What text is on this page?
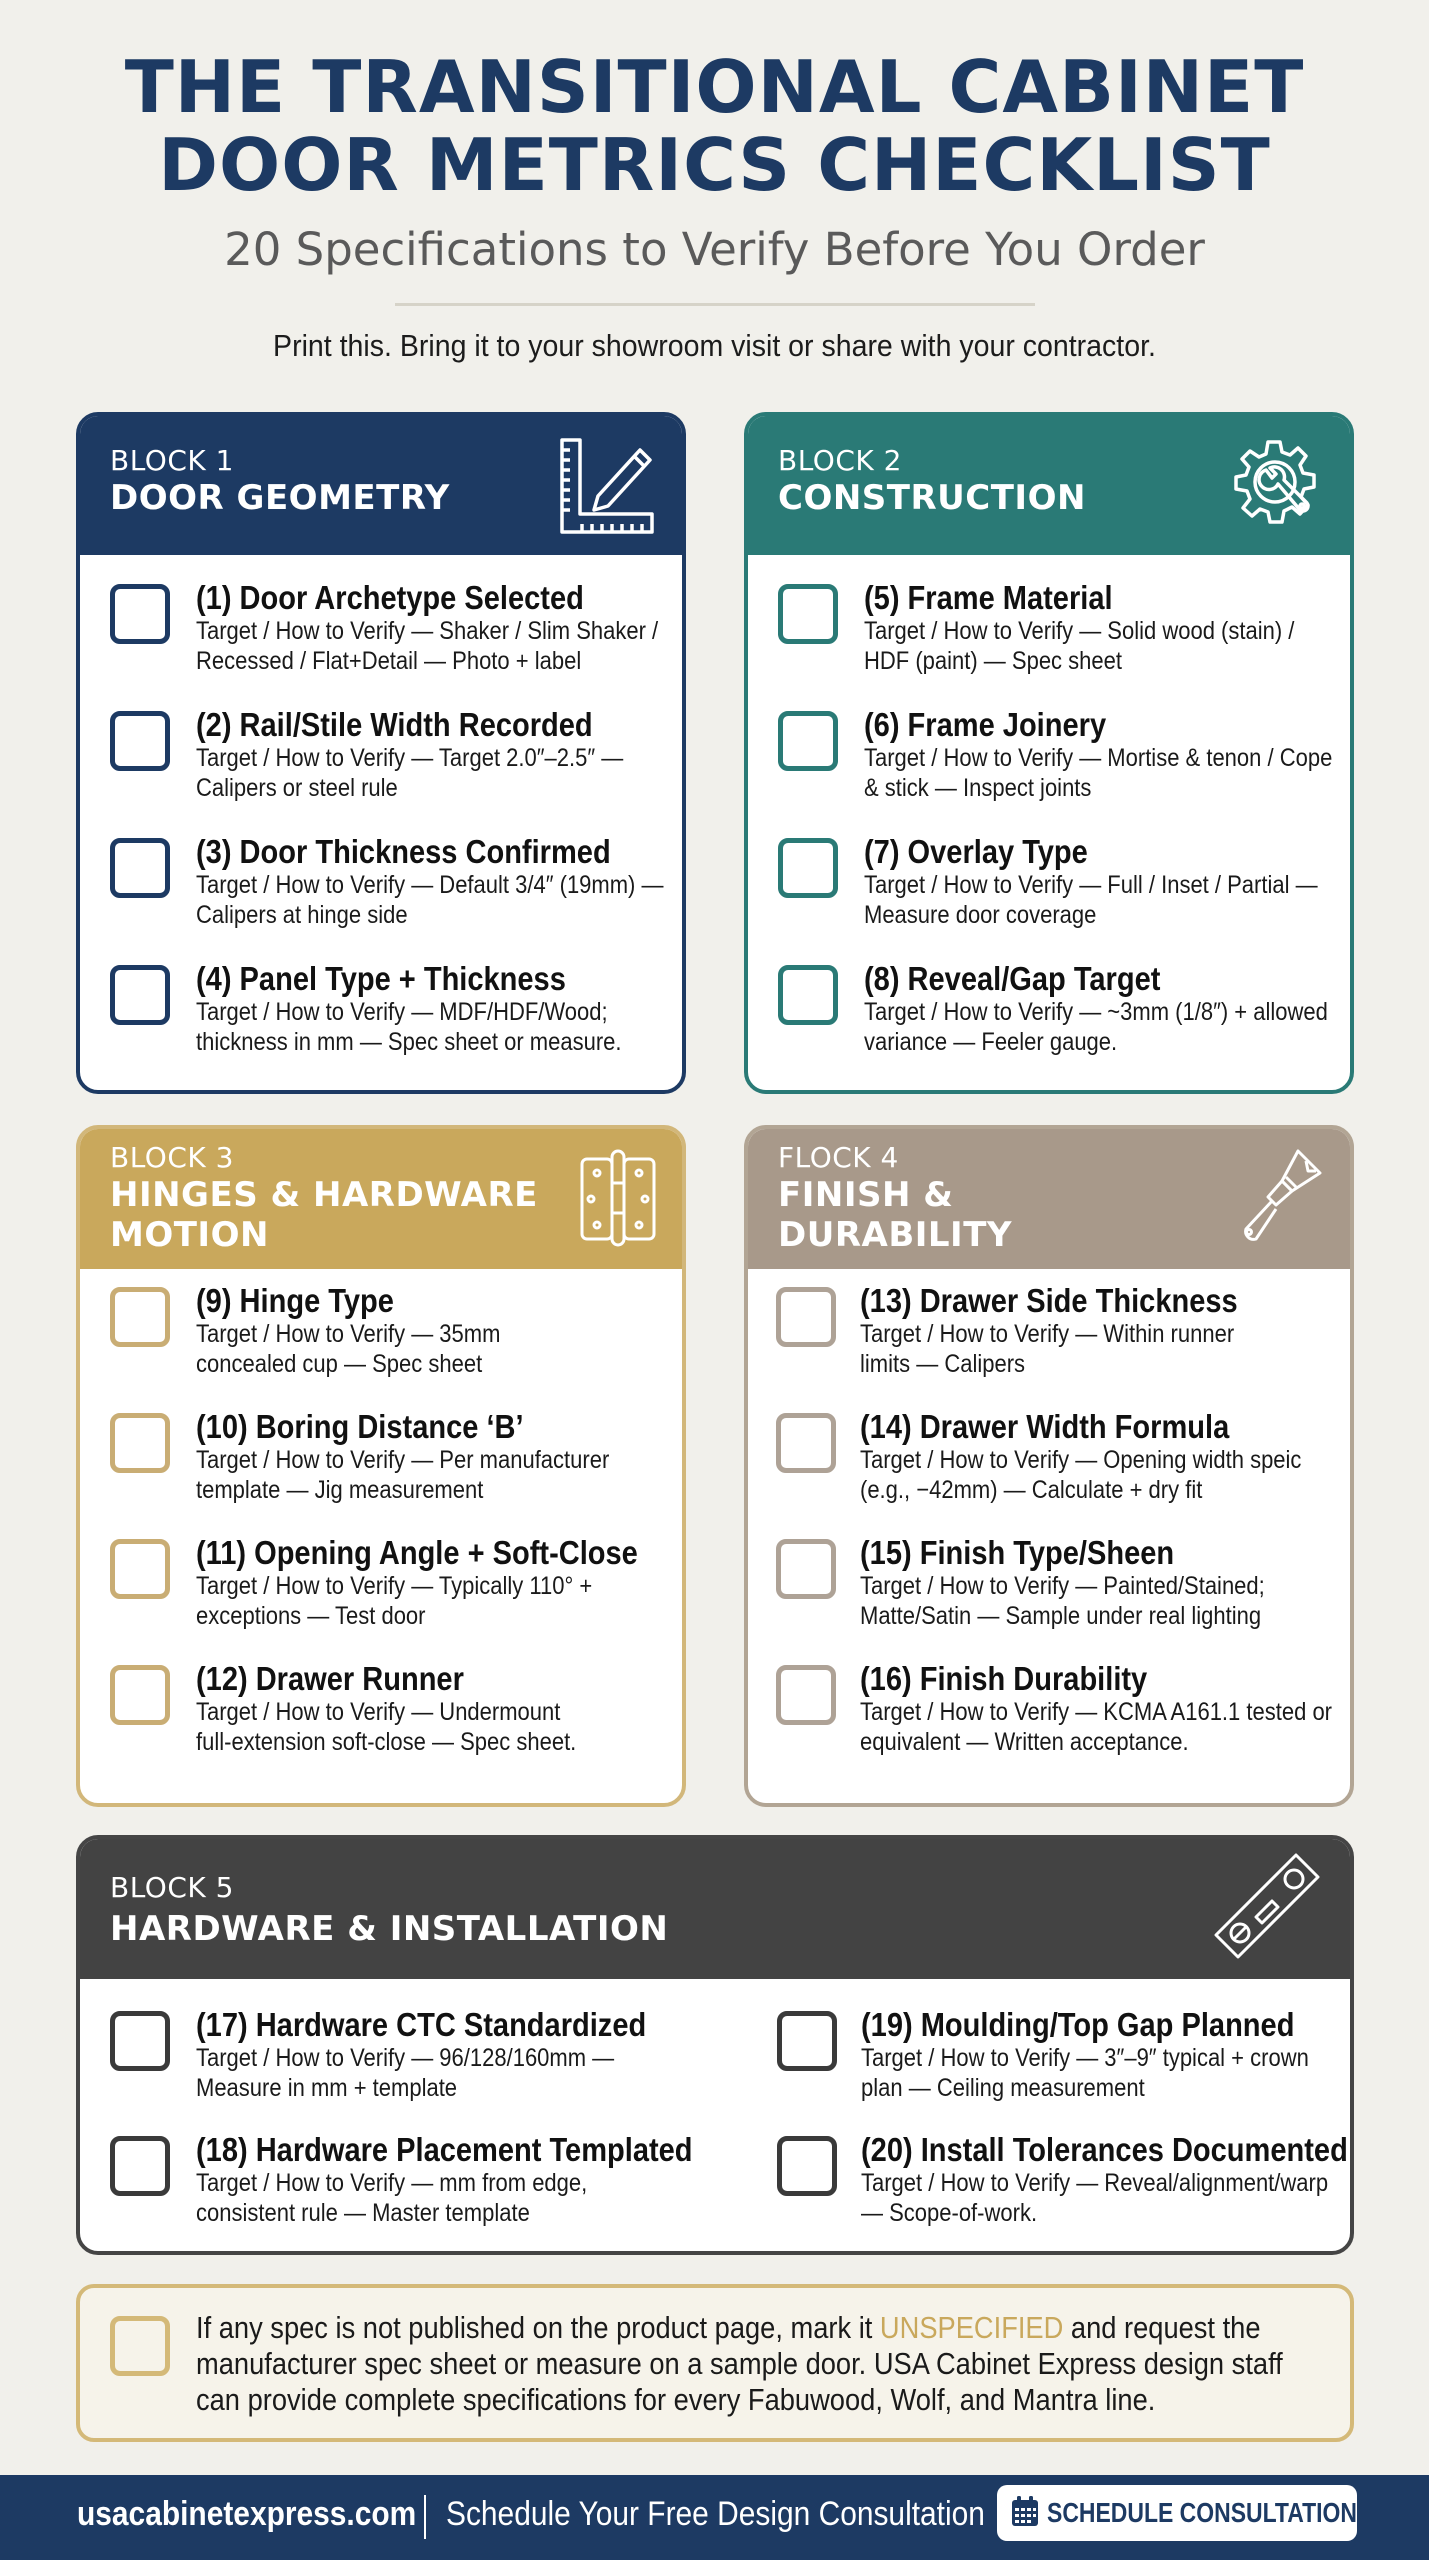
THE TRANSITIONAL CABINET
DOOR METRICS CHECKLIST
20 Specifications to Verify Before You Order
Print this. Bring it to your showroom visit or share with your contractor.
BLOCK 1
DOOR GEOMETRY
(1) Door Archetype Selected
Target / How to Verify — Shaker / Slim Shaker / Recessed / Flat+Detail — Photo + label
(2) Rail/Stile Width Recorded
Target / How to Verify — Target 2.0″–2.5″ — Calipers or steel rule
(3) Door Thickness Confirmed
Target / How to Verify — Default 3/4″ (19mm) — Calipers at hinge side
(4) Panel Type + Thickness
Target / How to Verify — MDF/HDF/Wood; thickness in mm — Spec sheet or measure.
BLOCK 2
CONSTRUCTION
(5) Frame Material
Target / How to Verify — Solid wood (stain) / HDF (paint) — Spec sheet
(6) Frame Joinery
Target / How to Verify — Mortise & tenon / Cope & stick — Inspect joints
(7) Overlay Type
Target / How to Verify — Full / Inset / Partial — Measure door coverage
(8) Reveal/Gap Target
Target / How to Verify — ~3mm (1/8″) + allowed variance — Feeler gauge.
BLOCK 3
HINGES & HARDWARE
MOTION
(9) Hinge Type
Target / How to Verify — 35mm concealed cup — Spec sheet
(10) Boring Distance ‘B’
Target / How to Verify — Per manufacturer template — Jig measurement
(11) Opening Angle + Soft-Close
Target / How to Verify — Typically 110° + exceptions — Test door
(12) Drawer Runner
Target / How to Verify — Undermount full-extension soft-close — Spec sheet.
FLOCK 4
FINISH &
DURABILITY
(13) Drawer Side Thickness
Target / How to Verify — Within runner limits — Calipers
(14) Drawer Width Formula
Target / How to Verify — Opening width speic (e.g., −42mm) — Calculate + dry fit
(15) Finish Type/Sheen
Target / How to Verify — Painted/Stained; Matte/Satin — Sample under real lighting
(16) Finish Durability
Target / How to Verify — KCMA A161.1 tested or equivalent — Written acceptance.
BLOCK 5
HARDWARE & INSTALLATION
(17) Hardware CTC Standardized
Target / How to Verify — 96/128/160mm — Measure in mm + template
(18) Hardware Placement Templated
Target / How to Verify — mm from edge, consistent rule — Master template
(19) Moulding/Top Gap Planned
Target / How to Verify — 3″–9″ typical + crown plan — Ceiling measurement
(20) Install Tolerances Documented
Target / How to Verify — Reveal/alignment/warp — Scope-of-work.
If any spec is not published on the product page, mark it UNSPECIFIED and request the manufacturer spec sheet or measure on a sample door. USA Cabinet Express design staff can provide complete specifications for every Fabuwood, Wolf, and Mantra line.
usacabinetexpress.com Schedule Your Free Design Consultation SCHEDULE CONSULTATION
